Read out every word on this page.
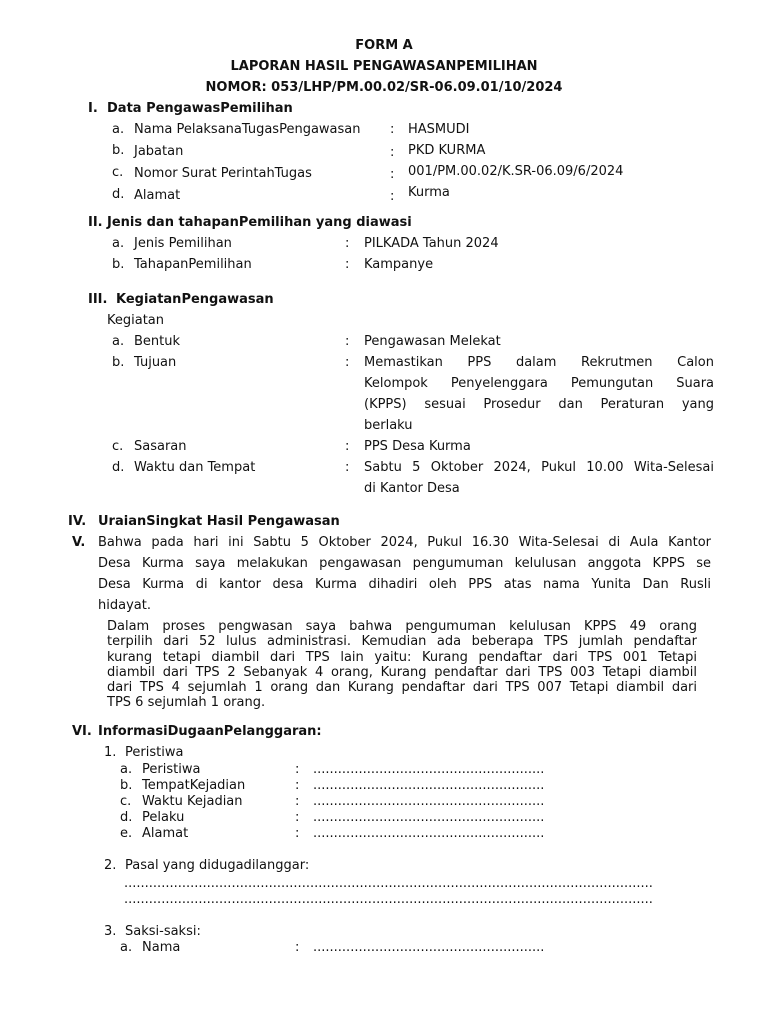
FORM A
LAPORAN HASIL PENGAWASANPEMILIHAN
NOMOR: 053/LHP/PM.00.02/SR-06.09.01/10/2024
I. Data PengawasPemilihan
a. Nama PelaksanaTugasPengawasan : HASMUDI
b. Jabatan	: PKD KURMA
c. Nomor Surat PerintahTugas	: 001/PM.00.02/K.SR-06.09/6/2024
d. Alamat	: Kurma
II. Jenis dan tahapanPemilihan yang diawasi
a. Jenis Pemilihan	: PILKADA Tahun 2024
b. TahapanPemilihan	: Kampanye
III. KegiatanPengawasan
Kegiatan
a. Bentuk	: Pengawasan Melekat
b. Tujuan	: Memastikan PPS dalam Rekrutmen Calon
Kelompok Penyelenggara Pemungutan Suara
(KPPS) sesuai Prosedur dan Peraturan yang
berlaku
c. Sasaran	: PPS Desa Kurma
d. Waktu dan Tempat	: Sabtu 5 Oktober 2024, Pukul 10.00 Wita-Selesai
di Kantor Desa
IV. UraianSingkat Hasil Pengawasan
V. Bahwa pada hari ini Sabtu 5 Oktober 2024, Pukul 16.30 Wita-Selesai di Aula Kantor
Desa Kurma saya melakukan pengawasan pengumuman kelulusan anggota KPPS se
Desa Kurma di kantor desa Kurma dihadiri oleh PPS atas nama Yunita Dan Rusli
hidayat.
Dalam proses pengwasan saya bahwa pengumuman kelulusan KPPS 49 orang
terpilih dari 52 lulus administrasi. Kemudian ada beberapa TPS jumlah pendaftar
kurang tetapi diambil dari TPS lain yaitu: Kurang pendaftar dari TPS 001 Tetapi
diambil dari TPS 2 Sebanyak 4 orang, Kurang pendaftar dari TPS 003 Tetapi diambil
dari TPS 4 sejumlah 1 orang dan Kurang pendaftar dari TPS 007 Tetapi diambil dari
TPS 6 sejumlah 1 orang.
VI. InformasiDugaanPelanggaran:
1. Peristiwa
a. Peristiwa	: ........................................................
b. TempatKejadian	: ........................................................
c. Waktu Kejadian	: ........................................................
d. Pelaku	: ........................................................
e. Alamat	: ........................................................
2. Pasal yang didugadilanggar:
................................................................................................................................
................................................................................................................................
3. Saksi-saksi:
a. Nama	: ........................................................
